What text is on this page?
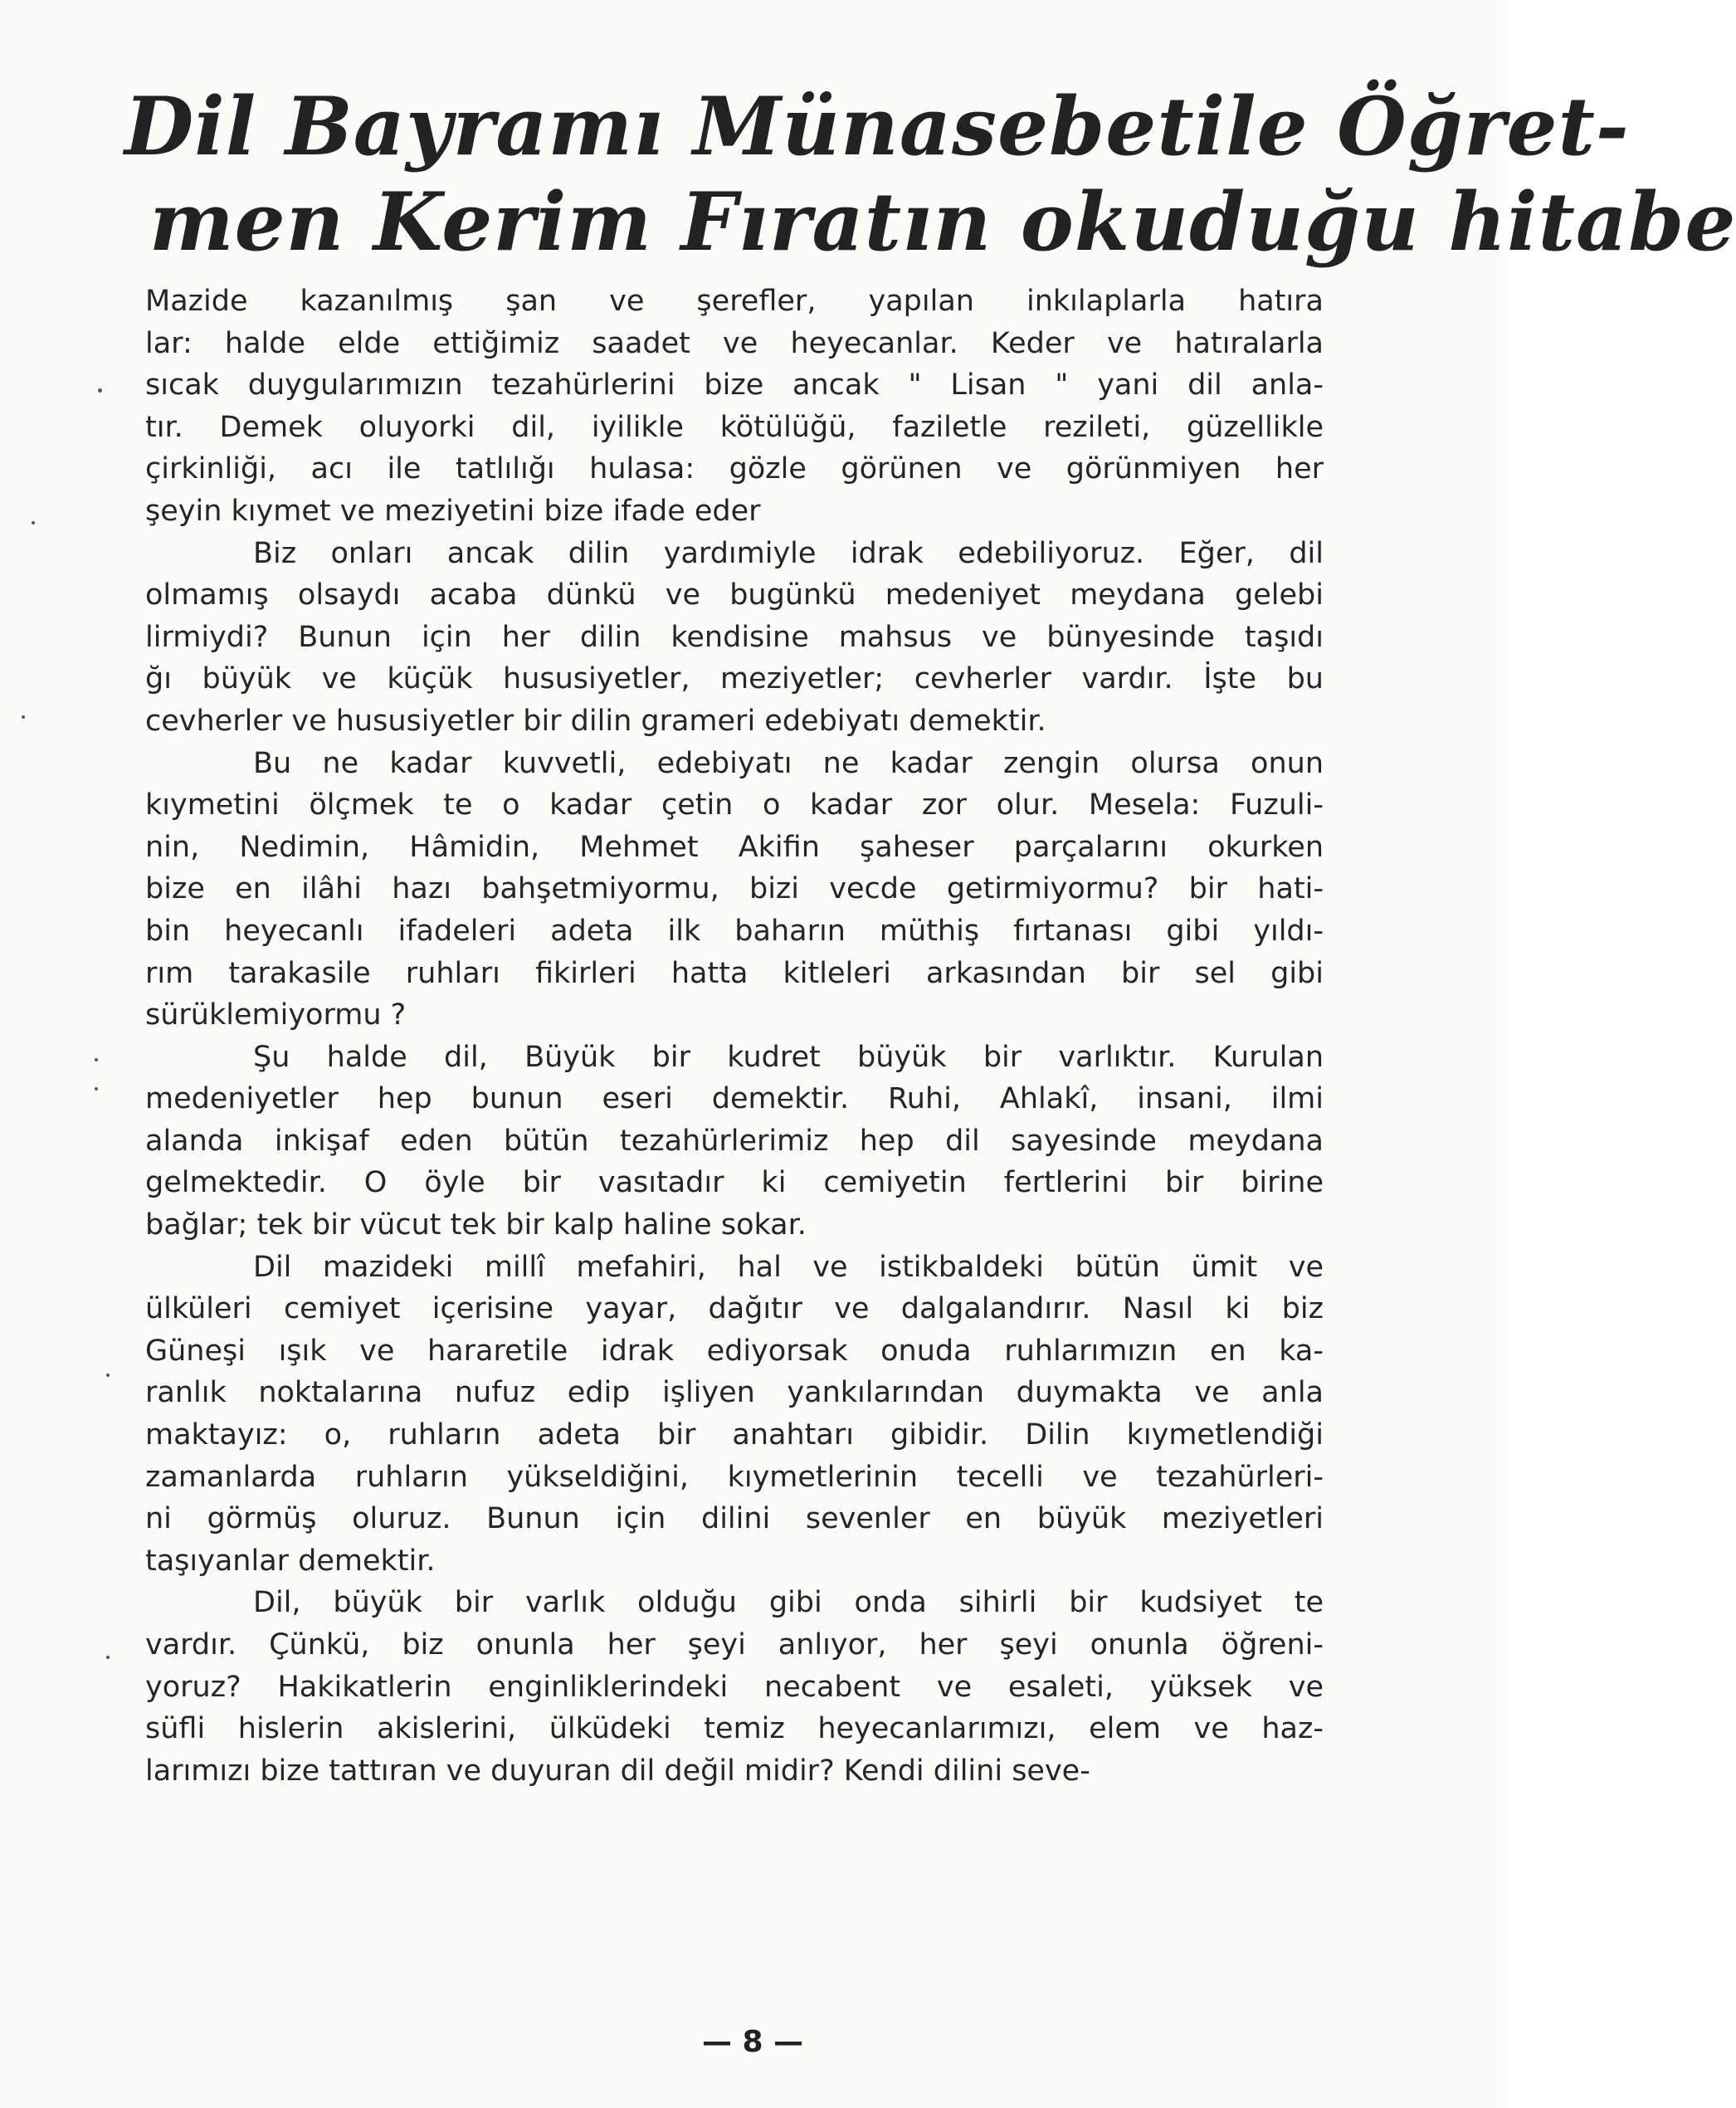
Dil Bayramı Münasebetile Öğret-
men Kerim Fıratın okuduğu hitabe
Mazide kazanılmış şan ve şerefler, yapılan inkılaplarla hatıra
lar: halde elde ettiğimiz saadet ve heyecanlar. Keder ve hatıralarla
sıcak duygularımızın tezahürlerini bize ancak " Lisan " yani dil anla-
tır. Demek oluyorki dil, iyilikle kötülüğü, faziletle rezileti, güzellikle
çirkinliği, acı ile tatlılığı hulasa: gözle görünen ve görünmiyen her
şeyin kıymet ve meziyetini bize ifade eder
Biz onları ancak dilin yardımiyle idrak edebiliyoruz. Eğer, dil
olmamış olsaydı acaba dünkü ve bugünkü medeniyet meydana gelebi
lirmiydi? Bunun için her dilin kendisine mahsus ve bünyesinde taşıdı
ğı büyük ve küçük hususiyetler, meziyetler; cevherler vardır. İşte bu
cevherler ve hususiyetler bir dilin grameri edebiyatı demektir.
Bu ne kadar kuvvetli, edebiyatı ne kadar zengin olursa onun
kıymetini ölçmek te o kadar çetin o kadar zor olur. Mesela: Fuzuli-
nin, Nedimin, Hâmidin, Mehmet Akifin şaheser parçalarını okurken
bize en ilâhi hazı bahşetmiyormu, bizi vecde getirmiyormu? bir hati-
bin heyecanlı ifadeleri adeta ilk baharın müthiş fırtanası gibi yıldı-
rım tarakasile ruhları fikirleri hatta kitleleri arkasından bir sel gibi
sürüklemiyormu ?
Şu halde dil, Büyük bir kudret büyük bir varlıktır. Kurulan
medeniyetler hep bunun eseri demektir. Ruhi, Ahlakî, insani, ilmi
alanda inkişaf eden bütün tezahürlerimiz hep dil sayesinde meydana
gelmektedir. O öyle bir vasıtadır ki cemiyetin fertlerini bir birine
bağlar; tek bir vücut tek bir kalp haline sokar.
Dil mazideki millî mefahiri, hal ve istikbaldeki bütün ümit ve
ülküleri cemiyet içerisine yayar, dağıtır ve dalgalandırır. Nasıl ki biz
Güneşi ışık ve hararetile idrak ediyorsak onuda ruhlarımızın en ka-
ranlık noktalarına nufuz edip işliyen yankılarından duymakta ve anla
maktayız: o, ruhların adeta bir anahtarı gibidir. Dilin kıymetlendiği
zamanlarda ruhların yükseldiğini, kıymetlerinin tecelli ve tezahürleri-
ni görmüş oluruz. Bunun için dilini sevenler en büyük meziyetleri
taşıyanlar demektir.
Dil, büyük bir varlık olduğu gibi onda sihirli bir kudsiyet te
vardır. Çünkü, biz onunla her şeyi anlıyor, her şeyi onunla öğreni-
yoruz? Hakikatlerin enginliklerindeki necabent ve esaleti, yüksek ve
süfli hislerin akislerini, ülküdeki temiz heyecanlarımızı, elem ve haz-
larımızı bize tattıran ve duyuran dil değil midir? Kendi dilini seve-
— 8 —
